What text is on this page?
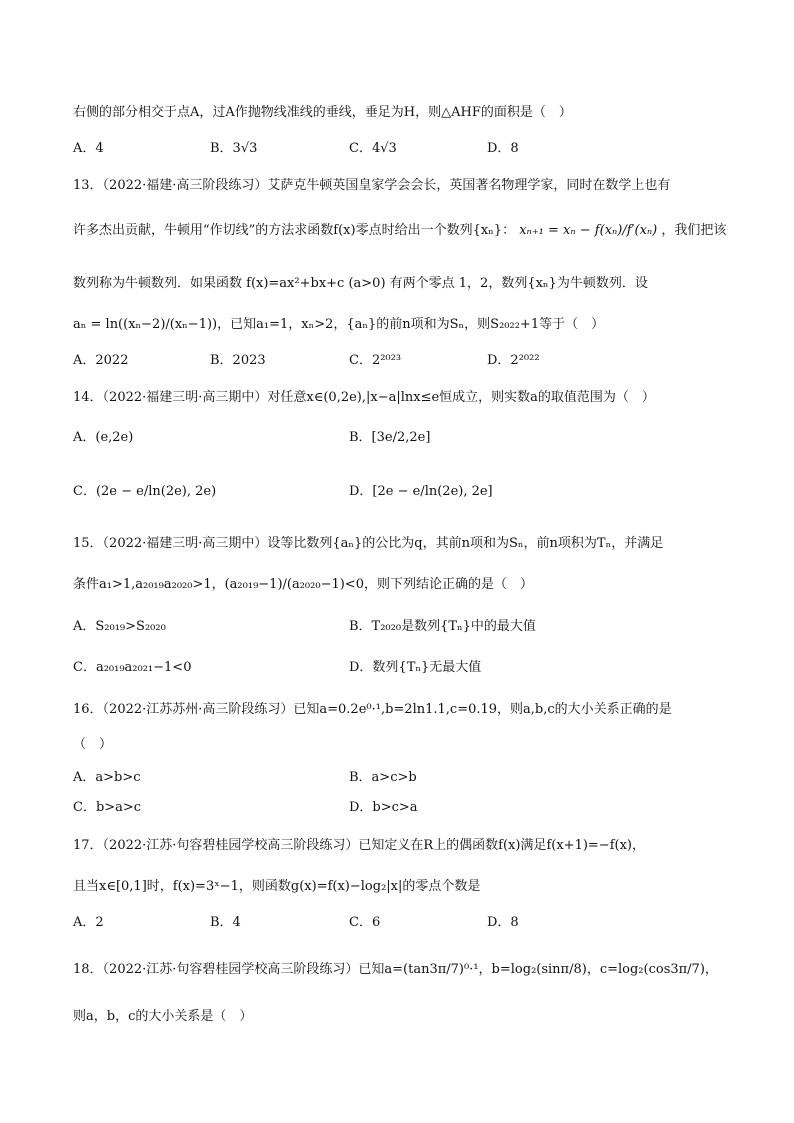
右侧的部分相交于点A，过A作抛物线准线的垂线，垂足为H，则△AHF的面积是（　）
A．4	B．3√3	C．4√3	D．8
13．（2022·福建·高三阶段练习）艾萨克牛顿英国皇家学会会长，英国著名物理学家，同时在数学上也有
许多杰出贡献，牛顿用“作切线”的方法求函数f(x)零点时给出一个数列{xₙ}： xₙ₊₁ = xₙ − f(xₙ)/f′(xₙ) ，我们把该
数列称为牛顿数列．如果函数 f(x)=ax²+bx+c (a>0) 有两个零点 1，2，数列{xₙ}为牛顿数列．设
aₙ = ln((xₙ−2)/(xₙ−1))，已知a₁=1，xₙ>2，{aₙ}的前n项和为Sₙ，则S₂₀₂₂+1等于（　）
A．2022	B．2023	C．2²⁰²³	D．2²⁰²²
14．（2022·福建三明·高三期中）对任意x∈(0,2e),|x−a|lnx≤e恒成立，则实数a的取值范围为（　）
A．(e,2e)	B．[3e/2,2e]
C．(2e − e/ln(2e), 2e)	D．[2e − e/ln(2e), 2e]
15．（2022·福建三明·高三期中）设等比数列{aₙ}的公比为q，其前n项和为Sₙ，前n项积为Tₙ，并满足
条件a₁>1,a₂₀₁₉a₂₀₂₀>1，(a₂₀₁₉−1)/(a₂₀₂₀−1)<0，则下列结论正确的是（　）
A．S₂₀₁₉>S₂₀₂₀	B．T₂₀₂₀是数列{Tₙ}中的最大值
C．a₂₀₁₉a₂₀₂₁−1<0	D．数列{Tₙ}无最大值
16．（2022·江苏苏州·高三阶段练习）已知a=0.2e⁰·¹,b=2ln1.1,c=0.19，则a,b,c的大小关系正确的是
（　）
A．a>b>c	B．a>c>b
C．b>a>c	D．b>c>a
17．（2022·江苏·句容碧桂园学校高三阶段练习）已知定义在R上的偶函数f(x)满足f(x+1)=−f(x)，
且当x∈[0,1]时，f(x)=3ˣ−1，则函数g(x)=f(x)−log₂|x|的零点个数是
A．2	B．4	C．6	D．8
18．（2022·江苏·句容碧桂园学校高三阶段练习）已知a=(tan3π/7)⁰·¹，b=log₂(sinπ/8)，c=log₂(cos3π/7)，
则a，b，c的大小关系是（　）
